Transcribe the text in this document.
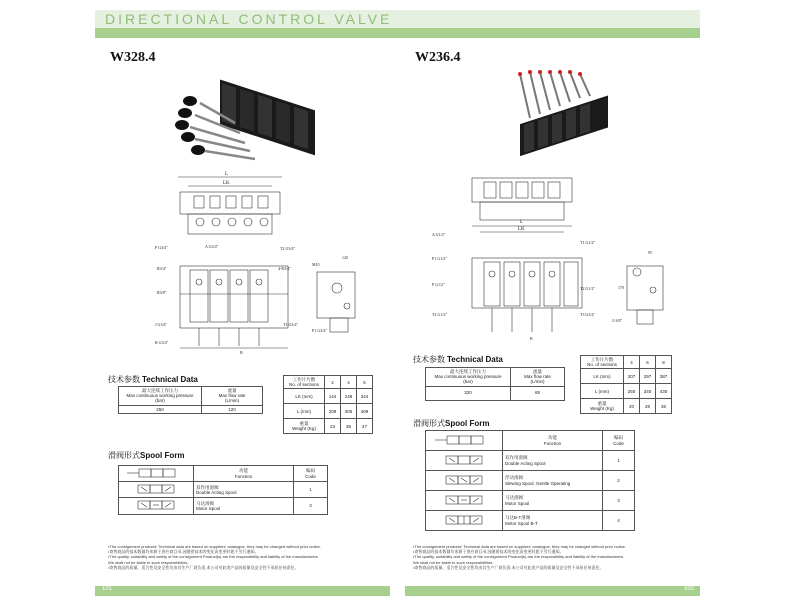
DIRECTIONAL CONTROL VALVE
W328.4
L
LK
P G3/4"
R3/4"
R3/8"
J G3/4"
R G3/4"
A G3/4"	T2 G3/4"
4-R3/4"
T1 G3/4"
B
M10
120
P1 G3/4"
技术参数 Technical Data
最大连续工作压力
Max continuous working pressure
(bar)	流量
Max flow rate
(L/min)
250	120
工作片片数
No. of sections	2	4	6
LK (mm)	144	249	344
L (mm)	209	305	409
重量
Weight (Kg)	23	35	47
滑阀形式Spool Form
	功能
Function	编码
Code
	双作用滑阀
Double Acting Spool	1
	马达滑阀
Motor Spool	3
•The consignment products' Technical data are based on suppliers' catalogue, they may be changed without prior notice.
•寄售商品的技术数据均来源于供应商目录,因随着技术的变化而变更时恕不另行通知。
•The quality, suitability and safety of the consignment Product(s) are the responsibility and liability of the manufacturers.
We shall not be liable to such responsibilities.
•寄售商品的质量、适合性及安全性均由其生产厂商负责,本公司对此类产品的质量及安全性不承担任何责任。
W236.4
L
LK
A G1/2"
P1 G1/2"
P G1/2"
T4 G1/2"
T1 G1/2"
T2 G1/2"
T3 G3/4"
B
95
170
2-3/8"
技术参数 Technical Data
最大连续工作压力
Max continuous working pressure
(bar)	流量
Max flow rate
(L/min)
320	65
工作片片数
No. of sections	4	6	8
LK (mm)	207	297	387
L (mm)	250	340	430
重量
Weight (Kg)	20	28	36
滑阀形式Spool Form
	功能
Function	编码
Code
	双作用滑阀
Double Acting Spool	1
	浮动滑阀
Slewing Spool, Gentle Operating	2
	马达滑阀
Motor Spool	3
	马达B-T滑阀
Motor Spool B-T	4
•The consignment products' Technical data are based on suppliers' catalogue, they may be changed without prior notice.
•寄售商品的技术数据均来源于供应商目录,因随着技术的变化而变更时恕不另行通知。
•The quality, suitability and safety of the consignment Product(s) are the responsibility and liability of the manufacturers.
We shall not be liable to such responsibilities.
•寄售商品的质量、适合性及安全性均由其生产厂商负责,本公司对此类产品的质量及安全性不承担任何责任。
101	102
